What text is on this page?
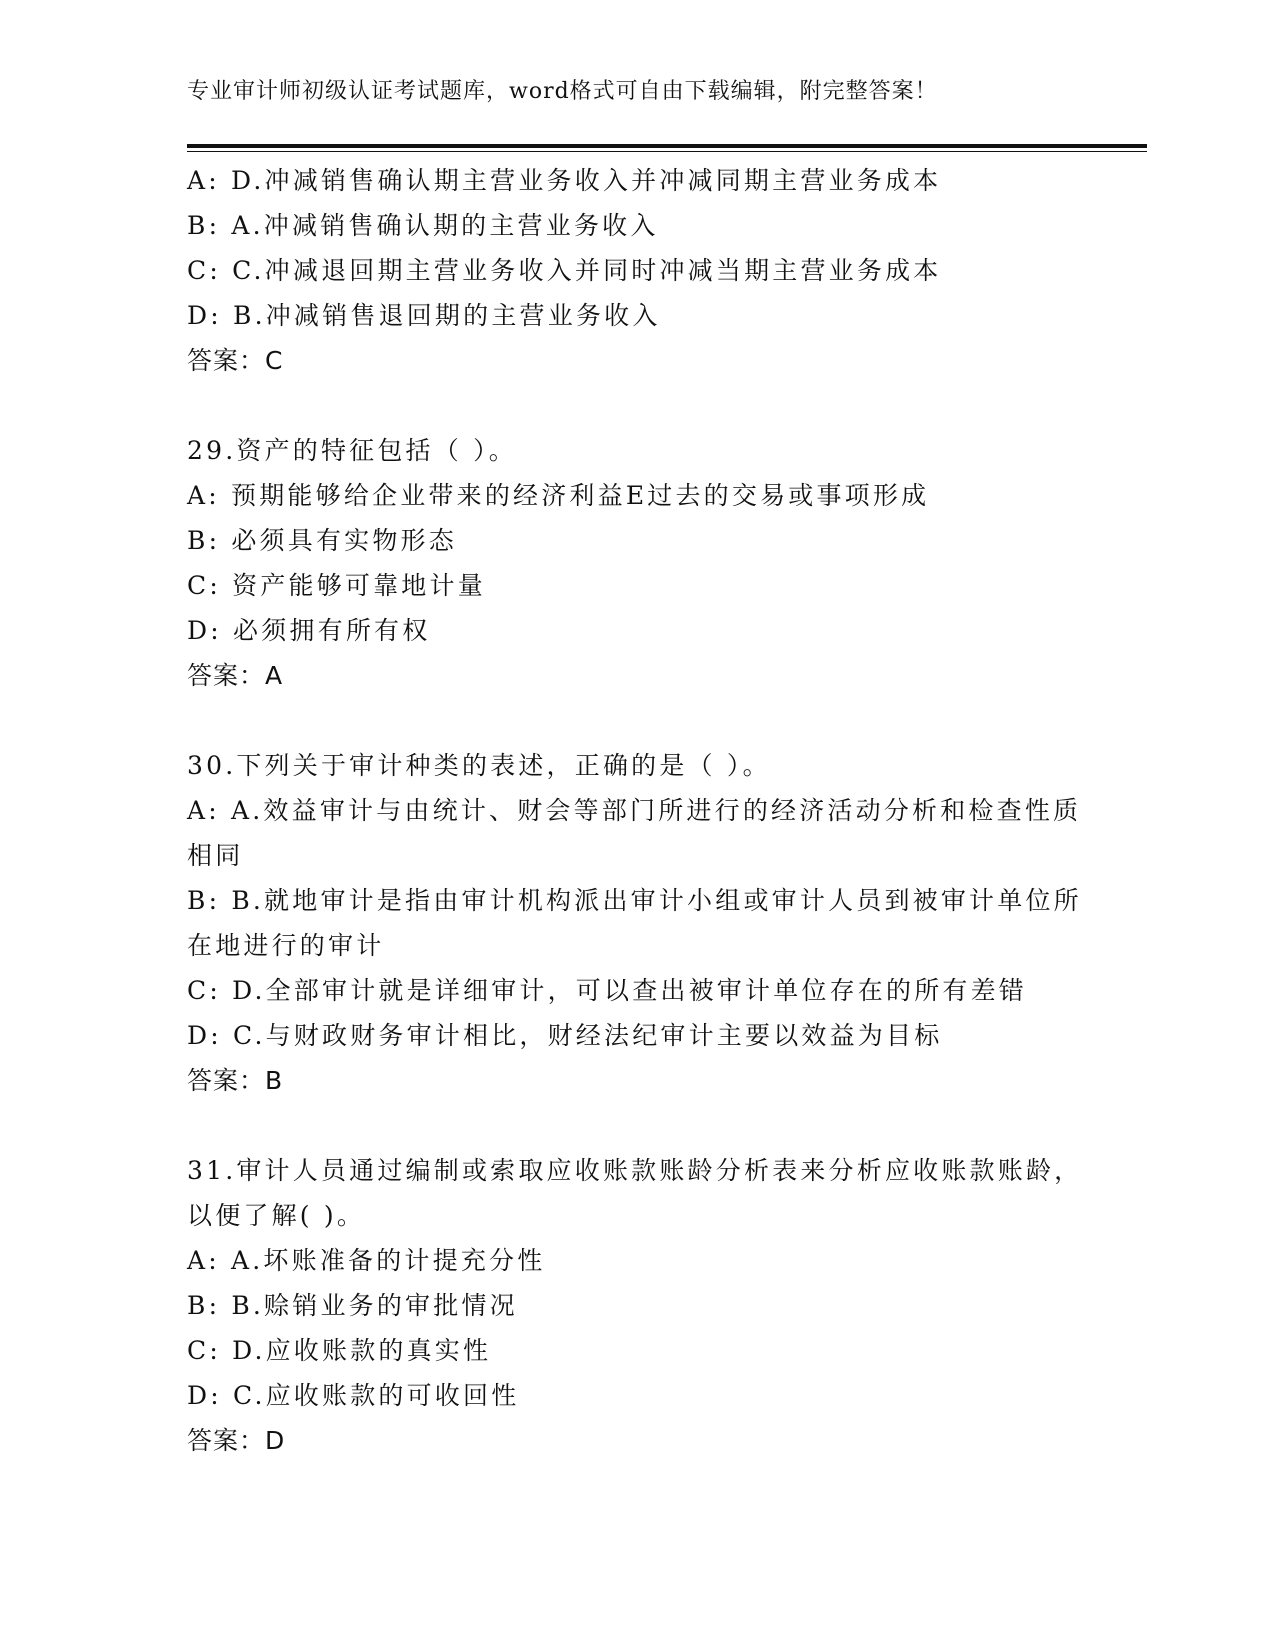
专业审计师初级认证考试题库，word格式可自由下载编辑，附完整答案！
A: D.冲减销售确认期主营业务收入并冲减同期主营业务成本
B: A.冲减销售确认期的主营业务收入
C: C.冲减退回期主营业务收入并同时冲减当期主营业务成本
D: B.冲减销售退回期的主营业务收入
答案：C
29.资产的特征包括（ ）。
A: 预期能够给企业带来的经济利益E过去的交易或事项形成
B: 必须具有实物形态
C: 资产能够可靠地计量
D: 必须拥有所有权
答案：A
30.下列关于审计种类的表述，正确的是（ ）。
A: A.效益审计与由统计、财会等部门所进行的经济活动分析和检查性质相同
B: B.就地审计是指由审计机构派出审计小组或审计人员到被审计单位所在地进行的审计
C: D.全部审计就是详细审计，可以查出被审计单位存在的所有差错
D: C.与财政财务审计相比，财经法纪审计主要以效益为目标
答案：B
31.审计人员通过编制或索取应收账款账龄分析表来分析应收账款账龄，以便了解( )。
A: A.坏账准备的计提充分性
B: B.赊销业务的审批情况
C: D.应收账款的真实性
D: C.应收账款的可收回性
答案：D
